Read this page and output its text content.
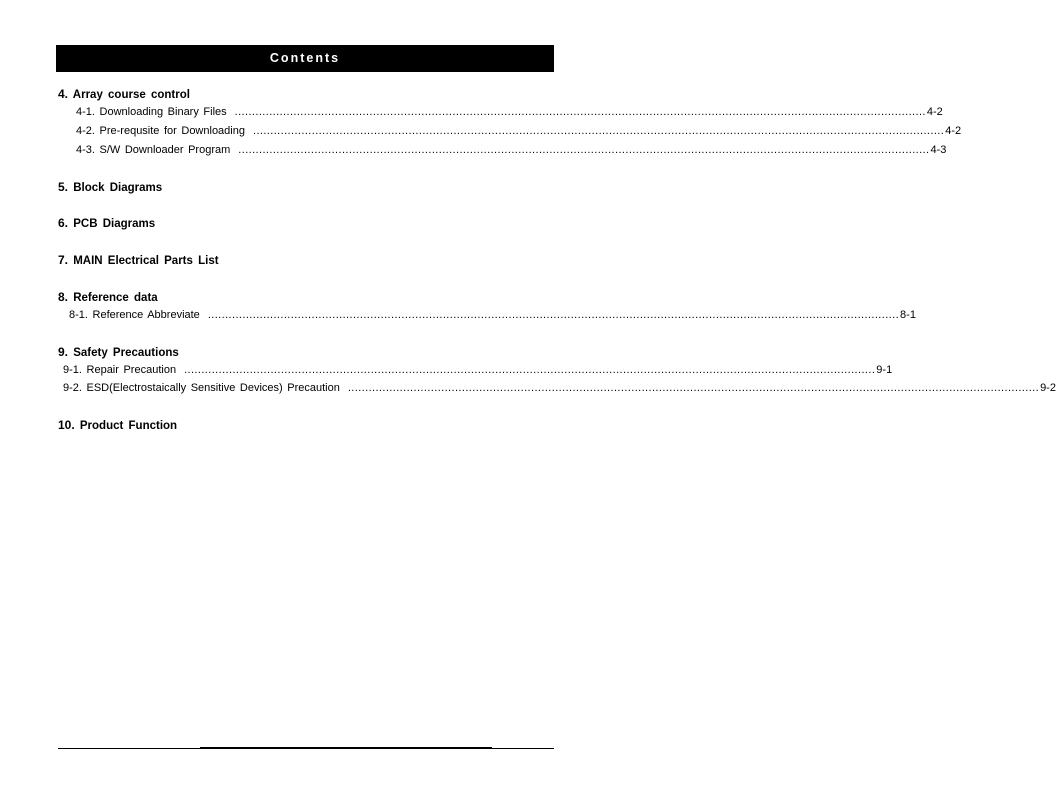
Contents
4. Array course control
4-1. Downloading Binary Files ........................................................................................................................................................................................................ 4-2
4-2. Pre-requsite for Downloading ........................................................................................................................................................................................................ 4-2
4-3. S/W Downloader Program ........................................................................................................................................................................................................ 4-3
5. Block Diagrams
6. PCB Diagrams
7. MAIN Electrical Parts List
8. Reference data
8-1. Reference Abbreviate ........................................................................................................................................................................................................ 8-1
9. Safety Precautions
9-1. Repair Precaution ........................................................................................................................................................................................................ 9-1
9-2. ESD(Electrostaically Sensitive Devices) Precaution ........................................................................................................................................................................................................ 9-2
10. Product Function
